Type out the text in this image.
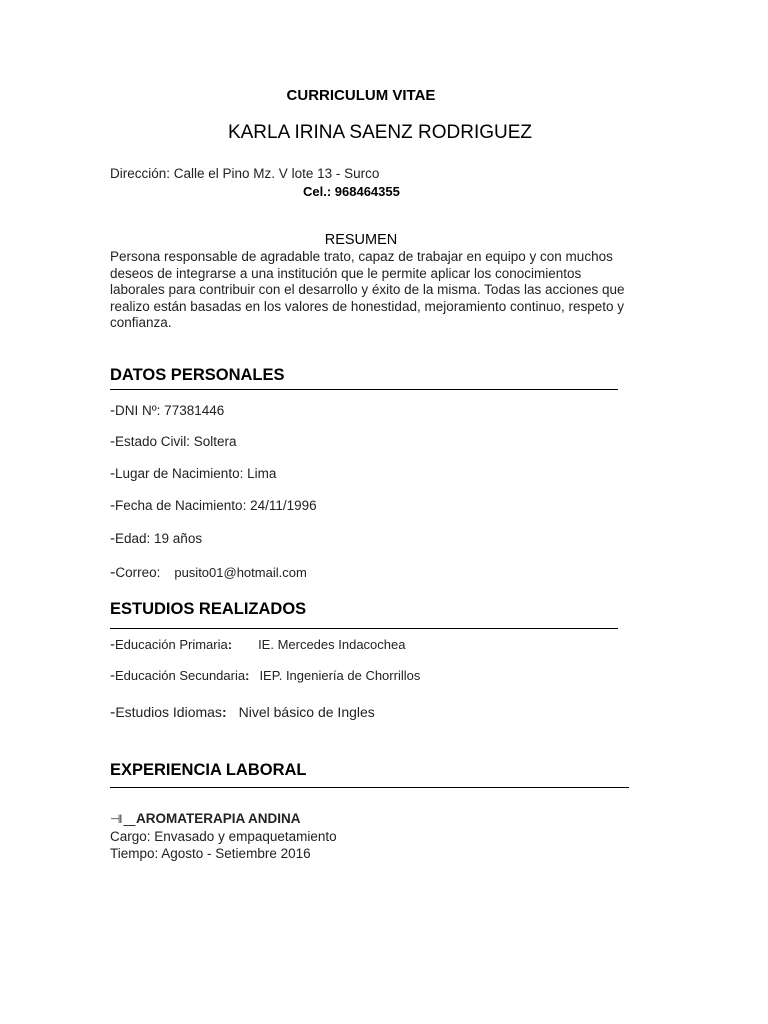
CURRICULUM VITAE
KARLA IRINA SAENZ RODRIGUEZ
Dirección: Calle el Pino Mz. V lote 13 - Surco
Cel.: 968464355
RESUMEN
Persona responsable de agradable trato, capaz de trabajar en equipo y con muchos deseos de integrarse a una institución que le permite aplicar los conocimientos laborales para contribuir con el desarrollo y éxito de la misma. Todas las acciones que realizo están basadas en los valores de honestidad, mejoramiento continuo, respeto y confianza.
DATOS PERSONALES
-DNI Nº: 77381446
-Estado Civil: Soltera
-Lugar de Nacimiento: Lima
-Fecha de Nacimiento: 24/11/1996
-Edad: 19 años
-Correo: pusito01@hotmail.com
ESTUDIOS REALIZADOS
-Educación Primaria: IE. Mercedes Indacochea
-Educación Secundaria: IEP. Ingeniería de Chorrillos
-Estudios Idiomas: Nivel básico de Ingles
EXPERIENCIA LABORAL
⊣l ⎽ AROMATERAPIA ANDINA
Cargo: Envasado y empaquetamiento
Tiempo: Agosto - Setiembre 2016
